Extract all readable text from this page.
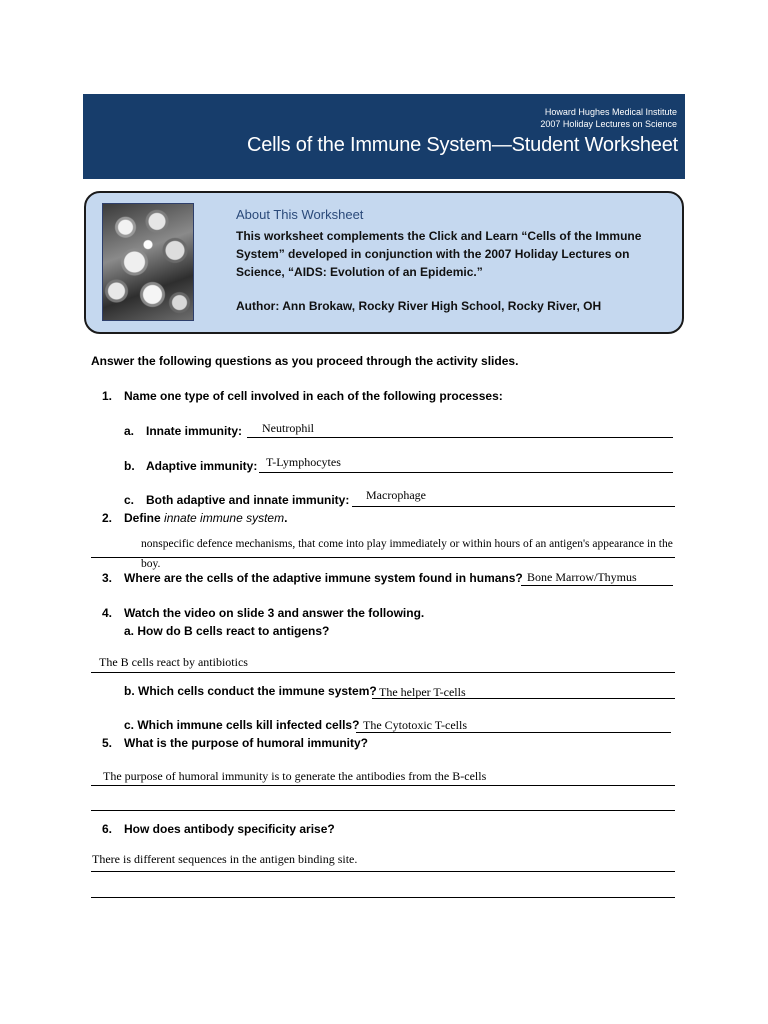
Howard Hughes Medical Institute
2007 Holiday Lectures on Science
Cells of the Immune System—Student Worksheet
About This Worksheet
This worksheet complements the Click and Learn “Cells of the Immune System” developed in conjunction with the 2007 Holiday Lectures on Science, “AIDS: Evolution of an Epidemic.”
Author: Ann Brokaw, Rocky River High School, Rocky River, OH
Answer the following questions as you proceed through the activity slides.
1. Name one type of cell involved in each of the following processes:
a. Innate immunity: Neutrophil
b. Adaptive immunity: T-Lymphocytes
c. Both adaptive and innate immunity: Macrophage
2. Define innate immune system.
nonspecific defence mechanisms, that come into play immediately or within hours of an antigen's appearance in the
boy.
3. Where are the cells of the adaptive immune system found in humans? Bone Marrow/Thymus
4. Watch the video on slide 3 and answer the following.
a. How do B cells react to antigens?
The B cells react by antibiotics
b. Which cells conduct the immune system? The helper T-cells
c. Which immune cells kill infected cells? The Cytotoxic T-cells
5. What is the purpose of humoral immunity?
The purpose of humoral immunity is to generate the antibodies from the B-cells
6. How does antibody specificity arise?
There is different sequences in the antigen binding site.
